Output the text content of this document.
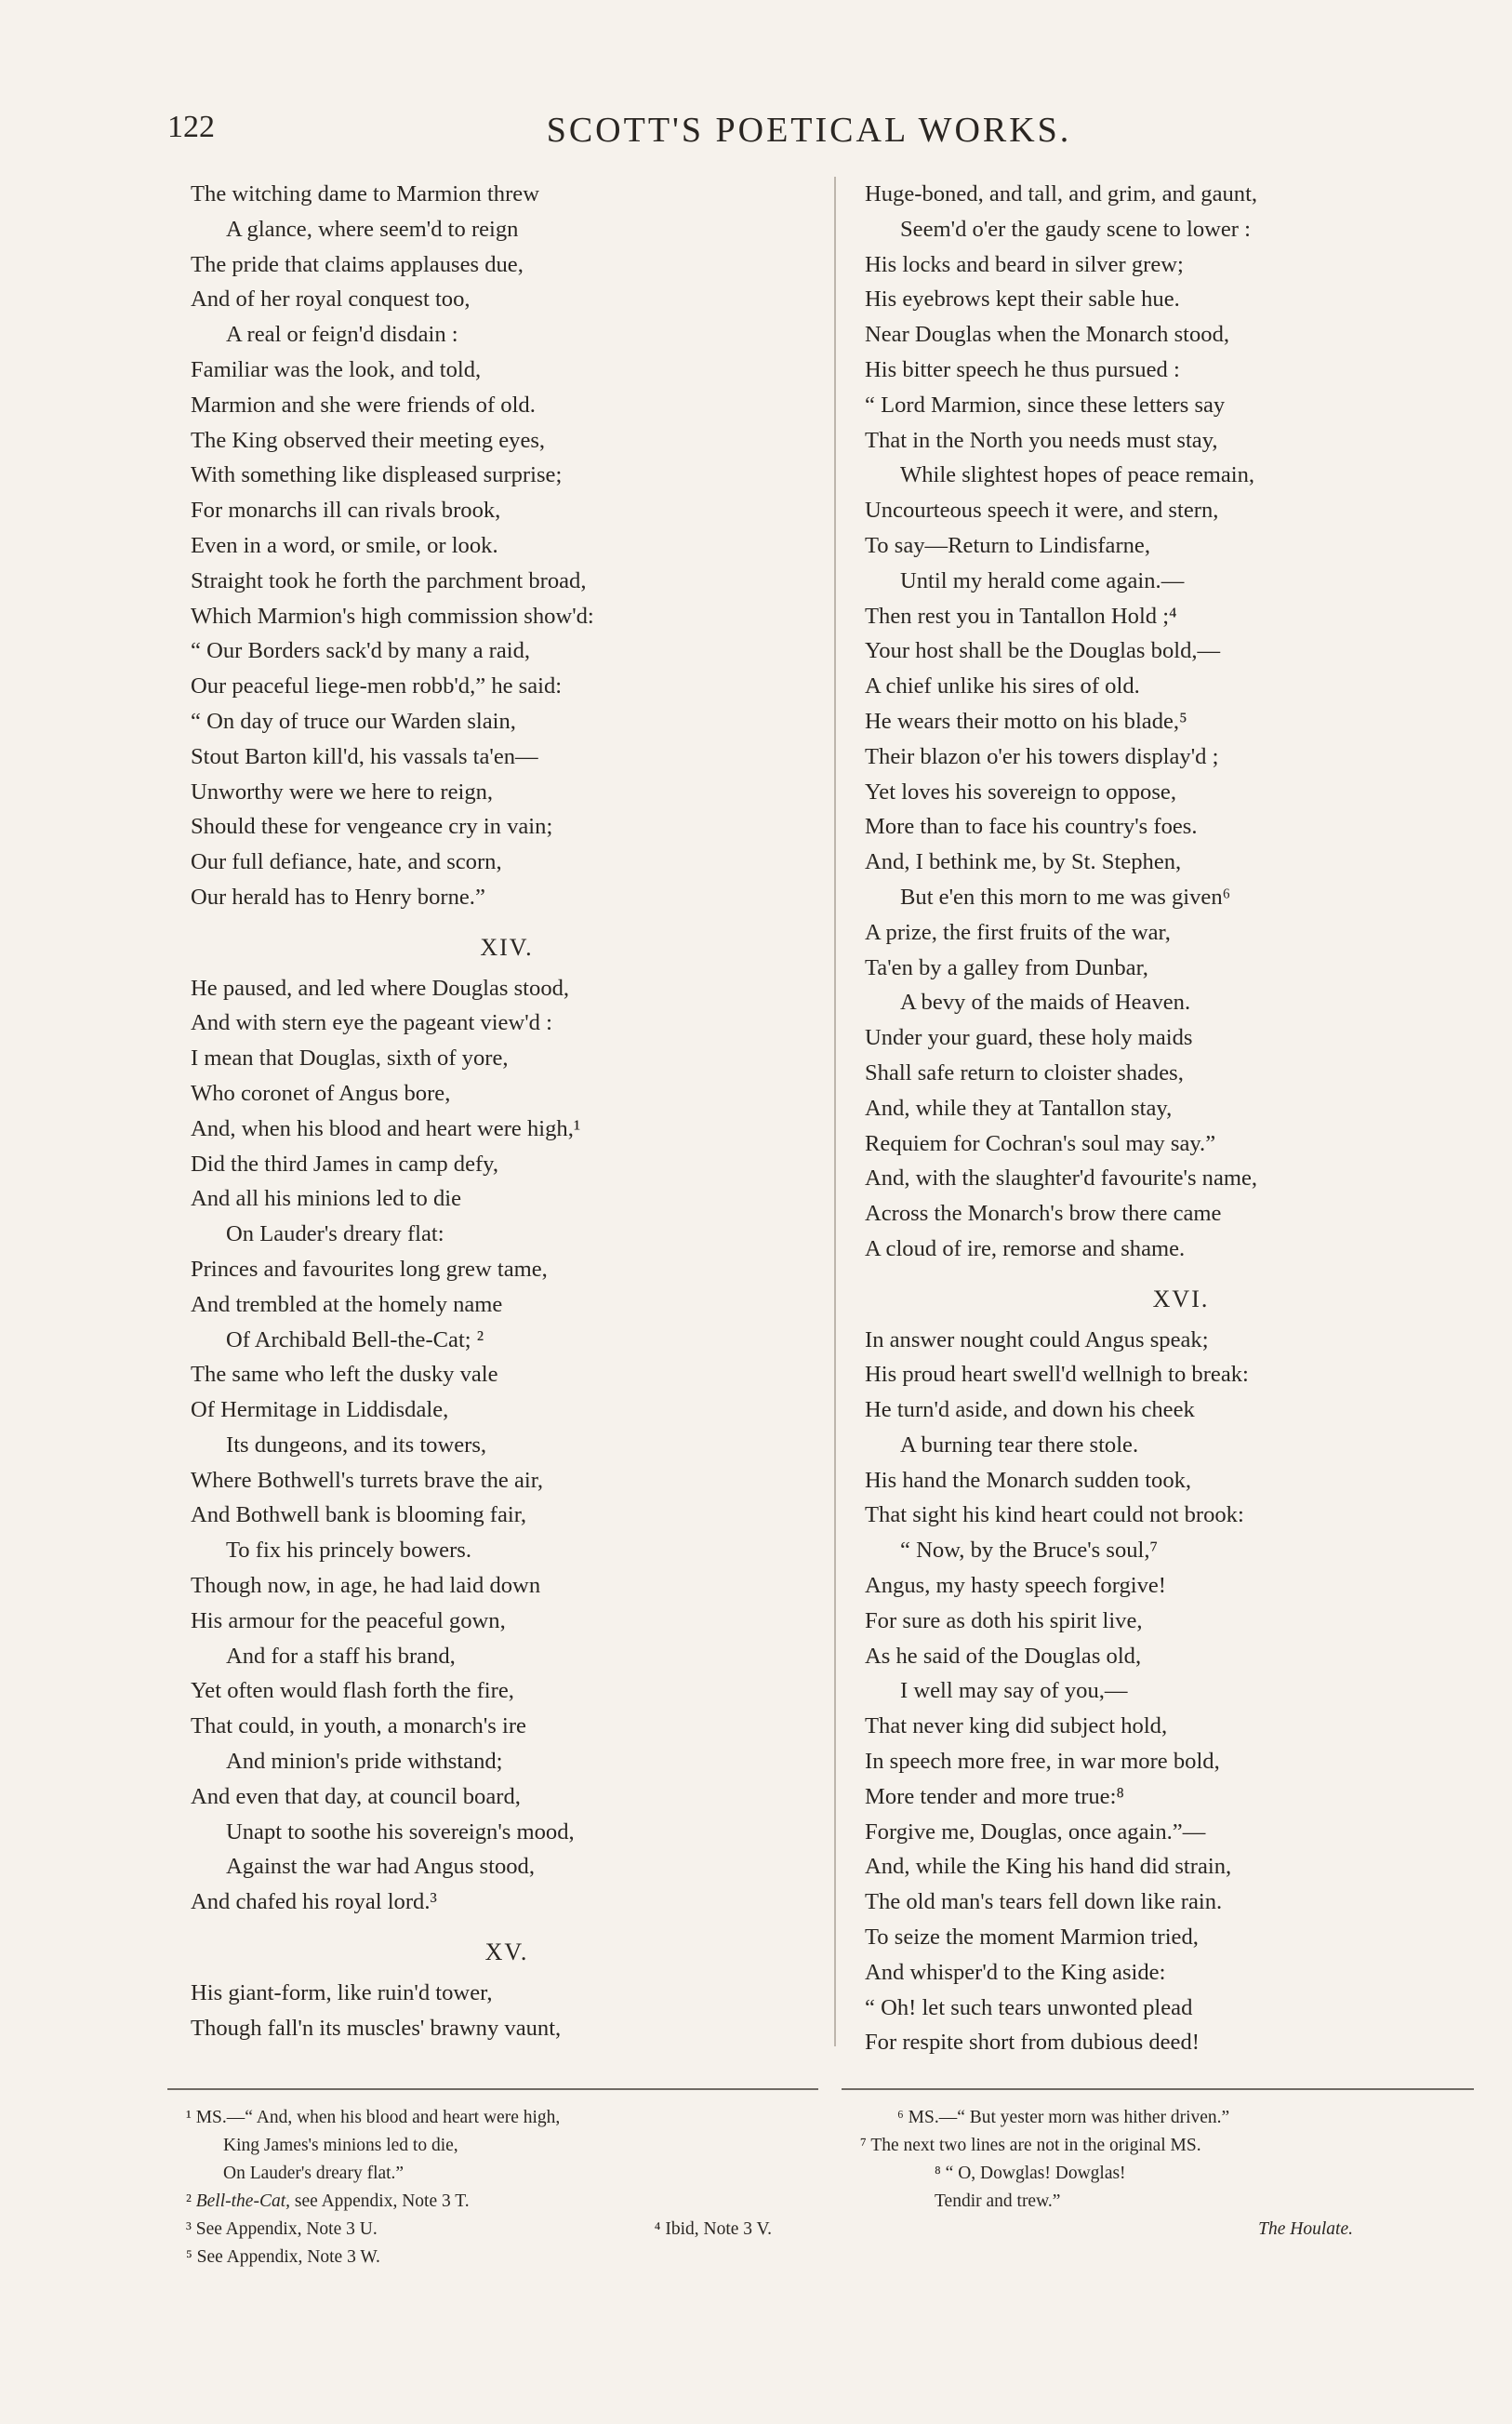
122	SCOTT'S POETICAL WORKS.
The witching dame to Marmion threw
A glance, where seem'd to reign
The pride that claims applauses due,
And of her royal conquest too,
A real or feign'd disdain :
Familiar was the look, and told,
Marmion and she were friends of old.
The King observed their meeting eyes,
With something like displeased surprise;
For monarchs ill can rivals brook,
Even in a word, or smile, or look.
Straight took he forth the parchment broad,
Which Marmion's high commission show'd:
“ Our Borders sack'd by many a raid,
Our peaceful liege-men robb'd,” he said:
“ On day of truce our Warden slain,
Stout Barton kill'd, his vassals ta'en—
Unworthy were we here to reign,
Should these for vengeance cry in vain;
Our full defiance, hate, and scorn,
Our herald has to Henry borne.”
XIV.
He paused, and led where Douglas stood,
And with stern eye the pageant view'd :
I mean that Douglas, sixth of yore,
Who coronet of Angus bore,
And, when his blood and heart were high,¹
Did the third James in camp defy,
And all his minions led to die
On Lauder's dreary flat:
Princes and favourites long grew tame,
And trembled at the homely name
Of Archibald Bell-the-Cat; ²
The same who left the dusky vale
Of Hermitage in Liddisdale,
Its dungeons, and its towers,
Where Bothwell's turrets brave the air,
And Bothwell bank is blooming fair,
To fix his princely bowers.
Though now, in age, he had laid down
His armour for the peaceful gown,
And for a staff his brand,
Yet often would flash forth the fire,
That could, in youth, a monarch's ire
And minion's pride withstand;
And even that day, at council board,
Unapt to soothe his sovereign's mood,
Against the war had Angus stood,
And chafed his royal lord.³
XV.
His giant-form, like ruin'd tower,
Though fall'n its muscles' brawny vaunt,
Huge-boned, and tall, and grim, and gaunt,
Seem'd o'er the gaudy scene to lower :
His locks and beard in silver grew;
His eyebrows kept their sable hue.
Near Douglas when the Monarch stood,
His bitter speech he thus pursued :
“ Lord Marmion, since these letters say
That in the North you needs must stay,
While slightest hopes of peace remain,
Uncourteous speech it were, and stern,
To say—Return to Lindisfarne,
Until my herald come again.—
Then rest you in Tantallon Hold ;⁴
Your host shall be the Douglas bold,—
A chief unlike his sires of old.
He wears their motto on his blade,⁵
Their blazon o'er his towers display'd ;
Yet loves his sovereign to oppose,
More than to face his country's foes.
And, I bethink me, by St. Stephen,
But e'en this morn to me was given⁶
A prize, the first fruits of the war,
Ta'en by a galley from Dunbar,
A bevy of the maids of Heaven.
Under your guard, these holy maids
Shall safe return to cloister shades,
And, while they at Tantallon stay,
Requiem for Cochran's soul may say.”
And, with the slaughter'd favourite's name,
Across the Monarch's brow there came
A cloud of ire, remorse and shame.
XVI.
In answer nought could Angus speak;
His proud heart swell'd wellnigh to break:
He turn'd aside, and down his cheek
A burning tear there stole.
His hand the Monarch sudden took,
That sight his kind heart could not brook:
“ Now, by the Bruce's soul,⁷
Angus, my hasty speech forgive!
For sure as doth his spirit live,
As he said of the Douglas old,
I well may say of you,—
That never king did subject hold,
In speech more free, in war more bold,
More tender and more true:⁸
Forgive me, Douglas, once again.”—
And, while the King his hand did strain,
The old man's tears fell down like rain.
To seize the moment Marmion tried,
And whisper'd to the King aside:
“ Oh! let such tears unwonted plead
For respite short from dubious deed!
¹ MS.—“ And, when his blood and heart were high,
King James's minions led to die,
On Lauder's dreary flat.”
² Bell-the-Cat, see Appendix, Note 3 T.
³ See Appendix, Note 3 U.	⁴ Ibid, Note 3 V.
⁵ See Appendix, Note 3 W.
⁶ MS.—“ But yester morn was hither driven.”
⁷ The next two lines are not in the original MS.
⁸ “ O, Dowglas! Dowglas!
Tendir and trew.”
The Houlate.
